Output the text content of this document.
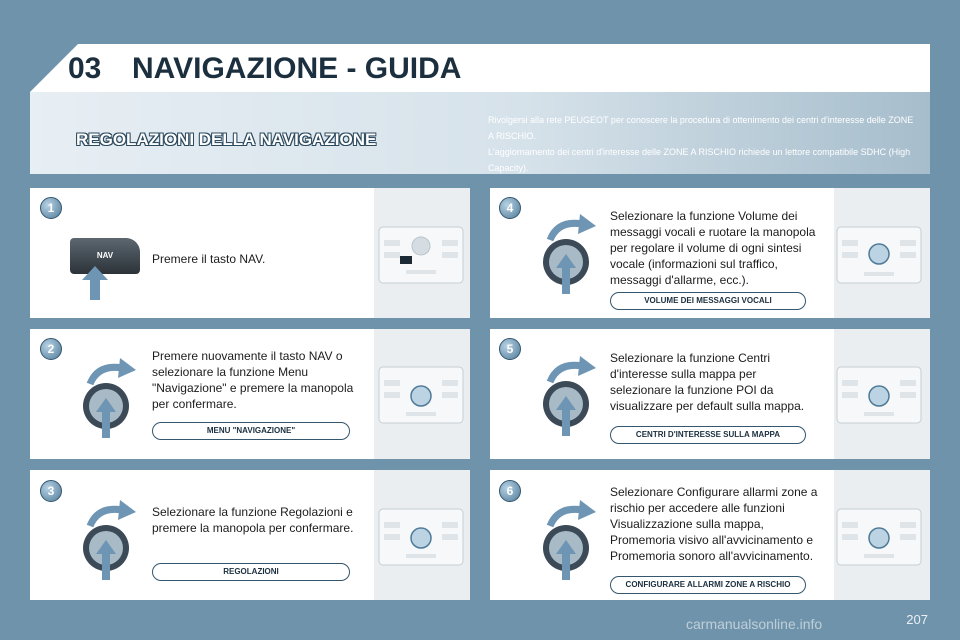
03 NAVIGAZIONE - GUIDA
REGOLAZIONI DELLA NAVIGAZIONE
Rivolgersi alla rete PEUGEOT per conoscere la procedura di ottenimento dei centri d'interesse delle ZONE A RISCHIO.
L'aggiornamento dei centri d'interesse delle ZONE A RISCHIO richiede un lettore compatibile SDHC (High Capacity).
1
NAV	Premere il tasto NAV.
2	Premere nuovamente il tasto NAV o selezionare la funzione Menu "Navigazione" e premere la manopola per confermare.
MENU "NAVIGAZIONE"
3
Selezionare la funzione Regolazioni e premere la manopola per confermare.
REGOLAZIONI
4
Selezionare la funzione Volume dei messaggi vocali e ruotare la manopola per regolare il volume di ogni sintesi vocale (informazioni sul traffico, messaggi d'allarme, ecc.).
VOLUME DEI MESSAGGI VOCALI
5
Selezionare la funzione Centri d'interesse sulla mappa per selezionare la funzione POI da visualizzare per default sulla mappa.
CENTRI D'INTERESSE SULLA MAPPA
6	Selezionare Configurare allarmi zone a rischio per accedere alle funzioni Visualizzazione sulla mappa, Promemoria visivo all'avvicinamento e Promemoria sonoro all'avvicinamento.
CONFIGURARE ALLARMI ZONE A RISCHIO
carmanualsonline.info	207
